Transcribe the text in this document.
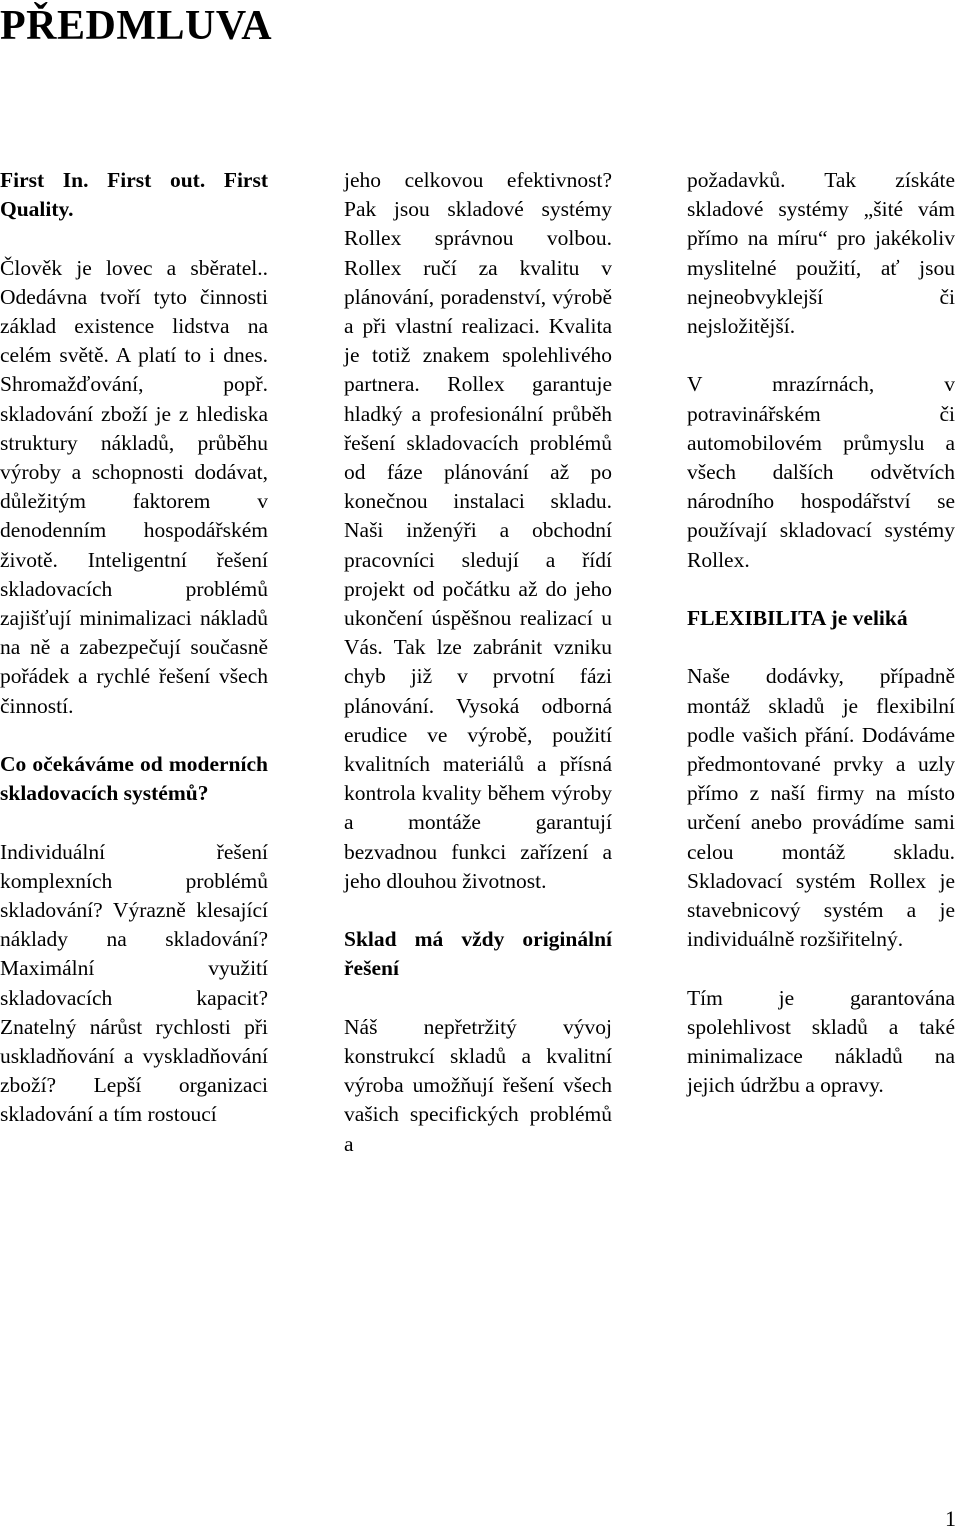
PŘEDMLUVA

First In. First out. First Quality.

Člověk je lovec a sběratel.. Odedávna tvoří tyto činnosti základ existence lidstva na celém světě. A platí to i dnes. Shromažďování, popř. skladování zboží je z hlediska struktury nákladů, průběhu výroby a schopnosti dodávat, důležitým faktorem v denodenním hospodářském životě. Inteligentní řešení skladovacích problémů zajišťují minimalizaci nákladů na ně a zabezpečují současně pořádek a rychlé řešení všech činností.

Co očekáváme od moderních skladovacích systémů?

Individuální řešení komplexních problémů skladování? Výrazně klesající náklady na skladování? Maximální využití skladovacích kapacit? Znatelný nárůst rychlosti při uskladňování a vyskladňování zboží? Lepší organizaci skladování a tím rostoucí

jeho celkovou efektivnost? Pak jsou skladové systémy Rollex správnou volbou. Rollex ručí za kvalitu v plánování, poradenství, výrobě a při vlastní realizaci. Kvalita je totiž znakem spolehlivého partnera. Rollex garantuje hladký a profesionální průběh řešení skladovacích problémů od fáze plánování až po konečnou instalaci skladu. Naši inženýři a obchodní pracovníci sledují a řídí projekt od počátku až do jeho ukončení úspěšnou realizací u Vás. Tak lze zabránit vzniku chyb již v prvotní fázi plánování. Vysoká odborná erudice ve výrobě, použití kvalitních materiálů a přísná kontrola kvality během výroby a montáže garantují bezvadnou funkci zařízení a jeho dlouhou životnost.

Sklad má vždy originální řešení

Náš nepřetržitý vývoj konstrukcí skladů a kvalitní výroba umožňují řešení všech vašich specifických problémů a

požadavků. Tak získáte skladové systémy „šité vám přímo na míru“ pro jakékoliv myslitelné použití, ať jsou nejneobvyklejší či nejsložitější.

V mrazírnách, v potravinářském či automobilovém průmyslu a všech dalších odvětvích národního hospodářství se používají skladovací systémy Rollex.

FLEXIBILITA je veliká

Naše dodávky, případně montáž skladů je flexibilní podle vašich přání. Dodáváme předmontované prvky a uzly přímo z naší firmy na místo určení anebo provádíme sami celou montáž skladu. Skladovací systém Rollex je stavebnicový systém a je individuálně rozšiřitelný.

Tím je garantována spolehlivost skladů a také minimalizace nákladů na jejich údržbu a opravy.

1
